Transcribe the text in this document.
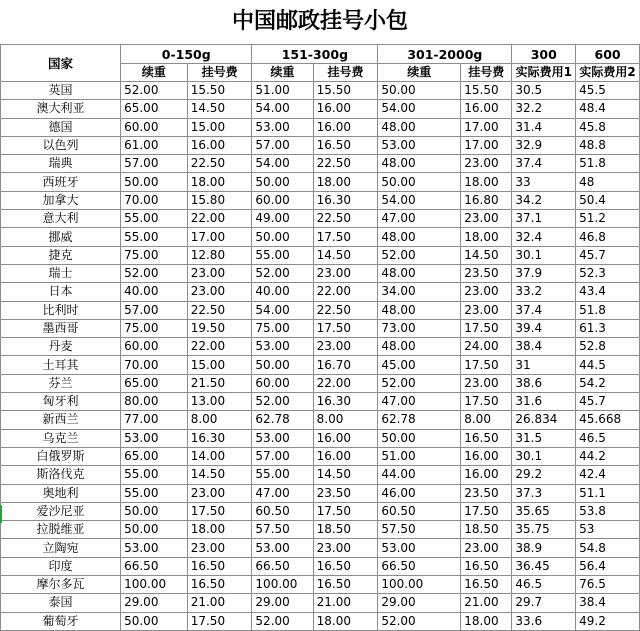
中国邮政挂号小包
国家	0-150g		151-300g		301-2000g		300	600
	续重	挂号费	续重	挂号费	续重	挂号费	实际费用1	实际费用2
英国	52.00	15.50	51.00	15.50	50.00	15.50	30.5	45.5
澳大利亚	65.00	14.50	54.00	16.00	54.00	16.00	32.2	48.4
德国	60.00	15.00	53.00	16.00	48.00	17.00	31.4	45.8
以色列	61.00	16.00	57.00	16.50	53.00	17.00	32.9	48.8
瑞典	57.00	22.50	54.00	22.50	48.00	23.00	37.4	51.8
西班牙	50.00	18.00	50.00	18.00	50.00	18.00	33	48
加拿大	70.00	15.80	60.00	16.30	54.00	16.80	34.2	50.4
意大利	55.00	22.00	49.00	22.50	47.00	23.00	37.1	51.2
挪威	55.00	17.00	50.00	17.50	48.00	18.00	32.4	46.8
捷克	75.00	12.80	55.00	14.50	52.00	14.50	30.1	45.7
瑞士	52.00	23.00	52.00	23.00	48.00	23.50	37.9	52.3
日本	40.00	23.00	40.00	22.00	34.00	23.00	33.2	43.4
比利时	57.00	22.50	54.00	22.50	48.00	23.00	37.4	51.8
墨西哥	75.00	19.50	75.00	17.50	73.00	17.50	39.4	61.3
丹麦	60.00	22.00	53.00	23.00	48.00	24.00	38.4	52.8
土耳其	70.00	15.00	50.00	16.70	45.00	17.50	31	44.5
芬兰	65.00	21.50	60.00	22.00	52.00	23.00	38.6	54.2
匈牙利	80.00	13.00	52.00	16.30	47.00	17.50	31.6	45.7
新西兰	77.00	8.00	62.78	8.00	62.78	8.00	26.834	45.668
乌克兰	53.00	16.30	53.00	16.00	50.00	16.50	31.5	46.5
白俄罗斯	65.00	14.00	57.00	16.00	51.00	16.00	30.1	44.2
斯洛伐克	55.00	14.50	55.00	14.50	44.00	16.00	29.2	42.4
奥地利	55.00	23.00	47.00	23.50	46.00	23.50	37.3	51.1
爱沙尼亚	50.00	17.50	60.50	17.50	60.50	17.50	35.65	53.8
拉脱维亚	50.00	18.00	57.50	18.50	57.50	18.50	35.75	53
立陶宛	53.00	23.00	53.00	23.00	53.00	23.00	38.9	54.8
印度	66.50	16.50	66.50	16.50	66.50	16.50	36.45	56.4
摩尔多瓦	100.00	16.50	100.00	16.50	100.00	16.50	46.5	76.5
泰国	29.00	21.00	29.00	21.00	29.00	21.00	29.7	38.4
葡萄牙	50.00	17.50	52.00	18.00	52.00	18.00	33.6	49.2
